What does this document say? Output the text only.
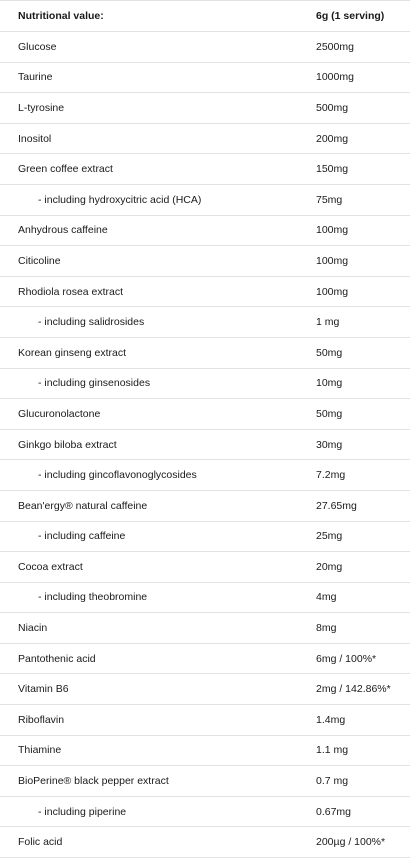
Nutritional value:	6g (1 serving)
Glucose	2500mg
Taurine	1000mg
L-tyrosine	500mg
Inositol	200mg
Green coffee extract	150mg
- including hydroxycitric acid (HCA)	75mg
Anhydrous caffeine	100mg
Citicoline	100mg
Rhodiola rosea extract	100mg
- including salidrosides	1 mg
Korean ginseng extract	50mg
- including ginsenosides	10mg
Glucuronolactone	50mg
Ginkgo biloba extract	30mg
- including gincoflavonoglycosides	7.2mg
Bean'ergy® natural caffeine	27.65mg
- including caffeine	25mg
Cocoa extract	20mg
- including theobromine	4mg
Niacin	8mg
Pantothenic acid	6mg / 100%*
Vitamin B6	2mg / 142.86%*
Riboflavin	1.4mg
Thiamine	1.1 mg
BioPerine® black pepper extract	0.7 mg
- including piperine	0.67mg
Folic acid	200µg / 100%*
